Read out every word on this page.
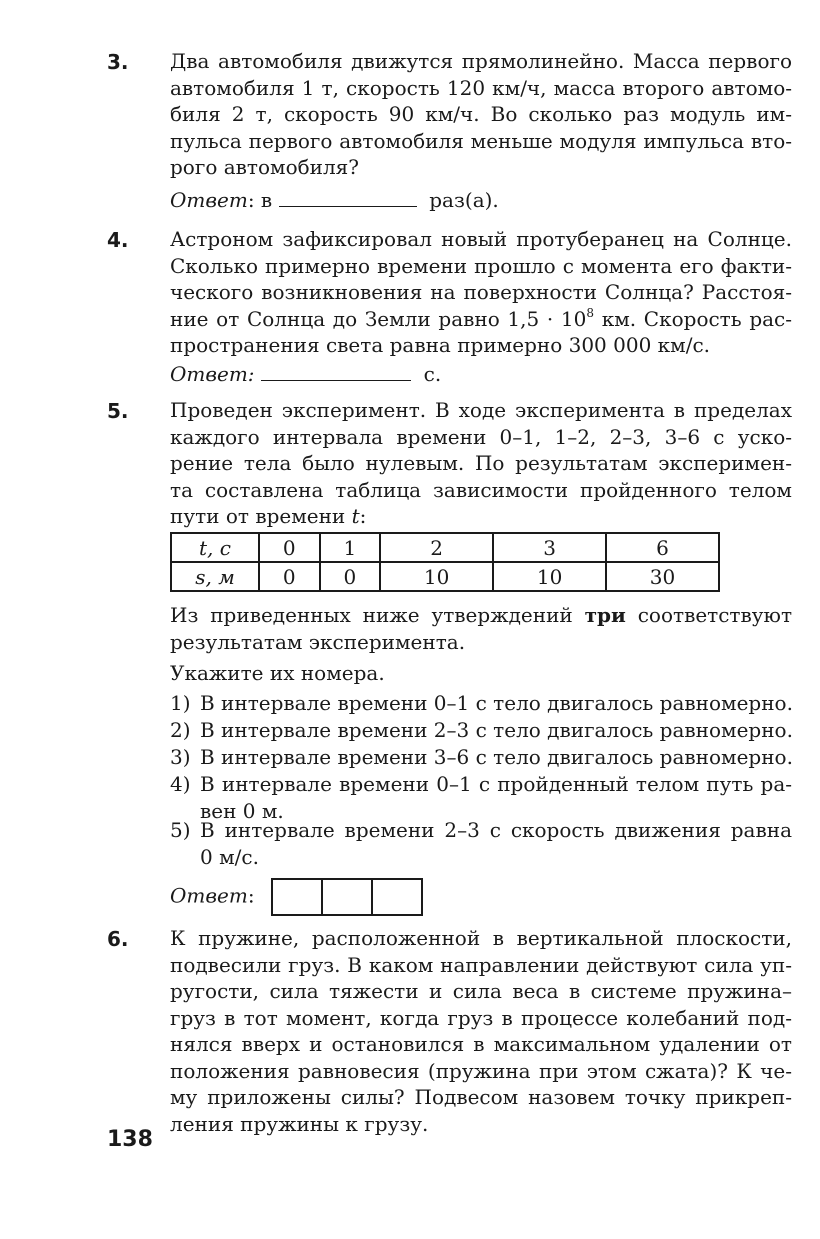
3. Два автомобиля движутся прямолинейно. Масса первого
автомобиля 1 т, скорость 120 км/ч, масса второго автомо-
биля 2 т, скорость 90 км/ч. Во сколько раз модуль им-
пульса первого автомобиля меньше модуля импульса вто-
рого автомобиля?
Ответ: в	раз(а).
4. Астроном зафиксировал новый протуберанец на Солнце.
Сколько примерно времени прошло с момента его факти-
ческого возникновения на поверхности Солнца? Расстоя-
ние от Солнца до Земли равно $1,5 \cdot 10^8$ км. Скорость рас-
пространения света равна примерно 300 000 км/с.
Ответ:	с.
5. Проведен эксперимент. В ходе эксперимента в пределах
каждого интервала времени 0–1, 1–2, 2–3, 3–6 с уско-
рение тела было нулевым. По результатам эксперимен-
та составлена таблица зависимости пройденного телом
пути от времени t:
t, c	0	1	2	3	6
s, м	0	0	10	10	30
Из приведенных ниже утверждений три соответствуют
результатам эксперимента.
Укажите их номера.
1) В интервале времени 0–1 с тело двигалось равномерно.
2) В интервале времени 2–3 с тело двигалось равномерно.
3) В интервале времени 3–6 с тело двигалось равномерно.
4) В интервале времени 0–1 с пройденный телом путь ра-
вен 0 м.
5) В интервале времени 2–3 с скорость движения равна
0 м/с.
Ответ:
6. К пружине, расположенной в вертикальной плоскости,
подвесили груз. В каком направлении действуют сила уп-
ругости, сила тяжести и сила веса в системе пружина–
груз в тот момент, когда груз в процессе колебаний под-
нялся вверх и остановился в максимальном удалении от
положения равновесия (пружина при этом сжата)? К че-
му приложены силы? Подвесом назовем точку прикреп-
ления пружины к грузу.
138
